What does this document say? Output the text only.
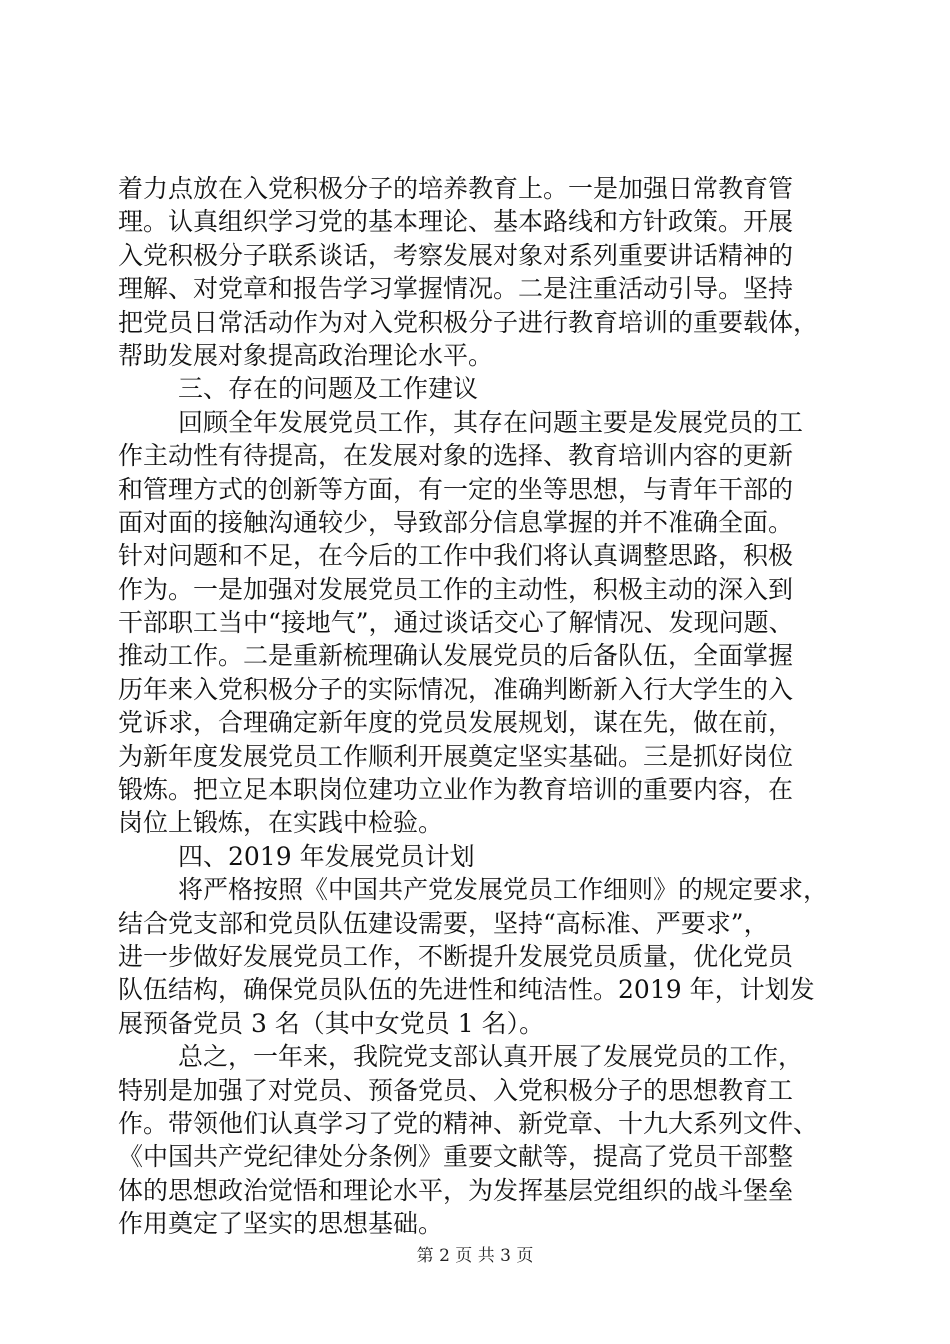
着力点放在入党积极分子的培养教育上。一是加强日常教育管
理。认真组织学习党的基本理论、基本路线和方针政策。开展
入党积极分子联系谈话，考察发展对象对系列重要讲话精神的
理解、对党章和报告学习掌握情况。二是注重活动引导。坚持
把党员日常活动作为对入党积极分子进行教育培训的重要载体，
帮助发展对象提高政治理论水平。
三、存在的问题及工作建议
回顾全年发展党员工作，其存在问题主要是发展党员的工
作主动性有待提高，在发展对象的选择、教育培训内容的更新
和管理方式的创新等方面，有一定的坐等思想，与青年干部的
面对面的接触沟通较少，导致部分信息掌握的并不准确全面。
针对问题和不足，在今后的工作中我们将认真调整思路，积极
作为。一是加强对发展党员工作的主动性，积极主动的深入到
干部职工当中“接地气”，通过谈话交心了解情况、发现问题、
推动工作。二是重新梳理确认发展党员的后备队伍，全面掌握
历年来入党积极分子的实际情况，准确判断新入行大学生的入
党诉求，合理确定新年度的党员发展规划，谋在先，做在前，
为新年度发展党员工作顺利开展奠定坚实基础。三是抓好岗位
锻炼。把立足本职岗位建功立业作为教育培训的重要内容，在
岗位上锻炼，在实践中检验。
四、2019 年发展党员计划
将严格按照《中国共产党发展党员工作细则》的规定要求，
结合党支部和党员队伍建设需要，坚持“高标准、严要求”，
进一步做好发展党员工作，不断提升发展党员质量，优化党员
队伍结构，确保党员队伍的先进性和纯洁性。2019 年，计划发
展预备党员 3 名（其中女党员 1 名）。
总之，一年来，我院党支部认真开展了发展党员的工作，
特别是加强了对党员、预备党员、入党积极分子的思想教育工
作。带领他们认真学习了党的精神、新党章、十九大系列文件、
《中国共产党纪律处分条例》重要文献等，提高了党员干部整
体的思想政治觉悟和理论水平，为发挥基层党组织的战斗堡垒
作用奠定了坚实的思想基础。
第 2 页 共 3 页
